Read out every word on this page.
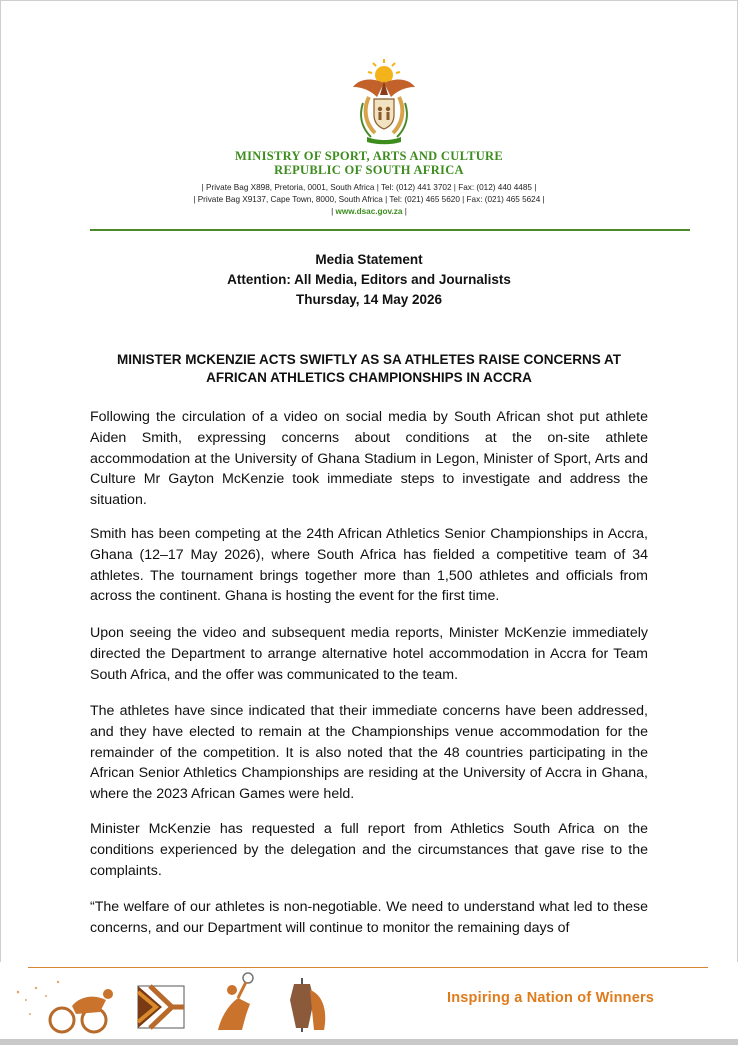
MINISTRY OF SPORT, ARTS AND CULTURE
REPUBLIC OF SOUTH AFRICA
| Private Bag X898, Pretoria, 0001, South Africa | Tel: (012) 441 3702 | Fax: (012) 440 4485 |
| Private Bag X9137, Cape Town, 8000, South Africa | Tel: (021) 465 5620 | Fax: (021) 465 5624 |
| www.dsac.gov.za |
Media Statement
Attention: All Media, Editors and Journalists
Thursday, 14 May 2026
MINISTER MCKENZIE ACTS SWIFTLY AS SA ATHLETES RAISE CONCERNS AT AFRICAN ATHLETICS CHAMPIONSHIPS IN ACCRA
Following the circulation of a video on social media by South African shot put athlete Aiden Smith, expressing concerns about conditions at the on-site athlete accommodation at the University of Ghana Stadium in Legon, Minister of Sport, Arts and Culture Mr Gayton McKenzie took immediate steps to investigate and address the situation.
Smith has been competing at the 24th African Athletics Senior Championships in Accra, Ghana (12–17 May 2026), where South Africa has fielded a competitive team of 34 athletes. The tournament brings together more than 1,500 athletes and officials from across the continent. Ghana is hosting the event for the first time.
Upon seeing the video and subsequent media reports, Minister McKenzie immediately directed the Department to arrange alternative hotel accommodation in Accra for Team South Africa, and the offer was communicated to the team.
The athletes have since indicated that their immediate concerns have been addressed, and they have elected to remain at the Championships venue accommodation for the remainder of the competition. It is also noted that the 48 countries participating in the African Senior Athletics Championships are residing at the University of Accra in Ghana, where the 2023 African Games were held.
Minister McKenzie has requested a full report from Athletics South Africa on the conditions experienced by the delegation and the circumstances that gave rise to the complaints.
“The welfare of our athletes is non-negotiable. We need to understand what led to these concerns, and our Department will continue to monitor the remaining days of
Inspiring a Nation of Winners
